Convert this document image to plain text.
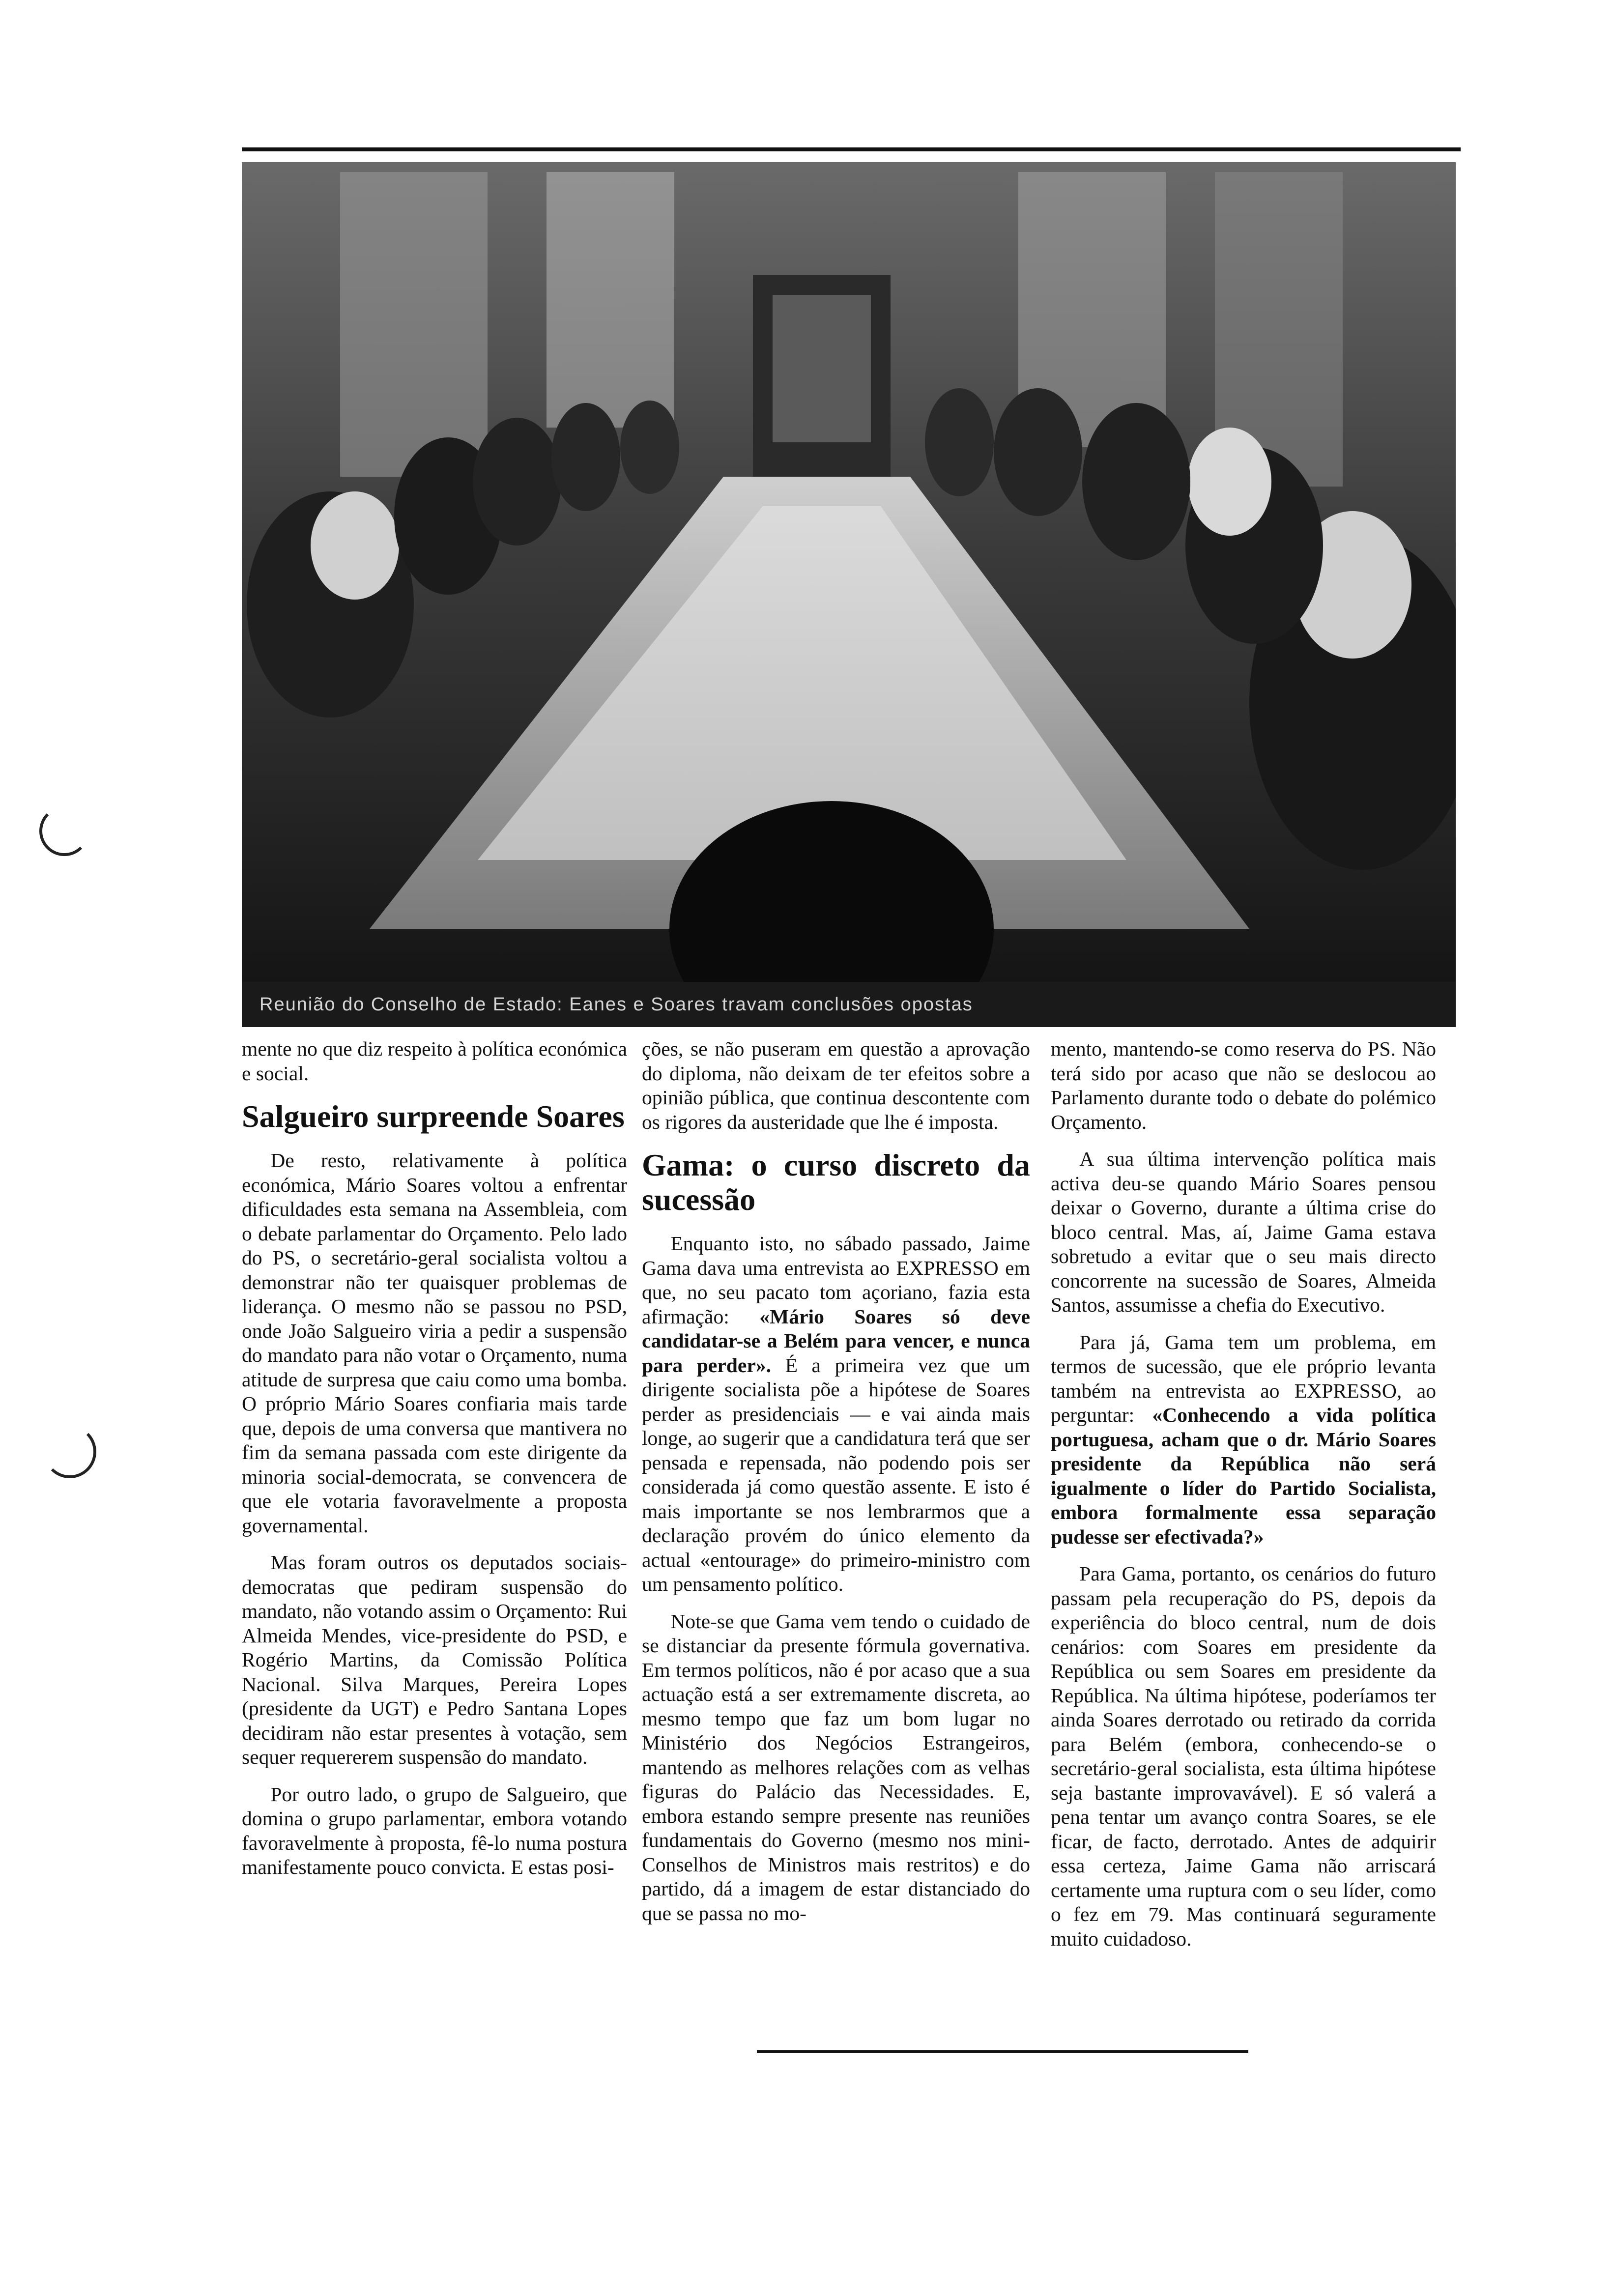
Reunião do Conselho de Estado: Eanes e Soares travam conclusões opostas

mente no que diz respeito à política económica e social.

Salgueiro surpreende Soares

De resto, relativamente à política económica, Mário Soares voltou a enfrentar dificuldades esta semana na Assembleia, com o debate parlamentar do Orçamento. Pelo lado do PS, o secretário-geral socialista voltou a demonstrar não ter quaisquer problemas de liderança. O mesmo não se passou no PSD, onde João Salgueiro viria a pedir a suspensão do mandato para não votar o Orçamento, numa atitude de surpresa que caiu como uma bomba. O próprio Mário Soares confiaria mais tarde que, depois de uma conversa que mantivera no fim da semana passada com este dirigente da minoria social-democrata, se convencera de que ele votaria favoravelmente a proposta governamental.

Mas foram outros os deputados sociais-democratas que pediram suspensão do mandato, não votando assim o Orçamento: Rui Almeida Mendes, vice-presidente do PSD, e Rogério Martins, da Comissão Política Nacional. Silva Marques, Pereira Lopes (presidente da UGT) e Pedro Santana Lopes decidiram não estar presentes à votação, sem sequer requererem suspensão do mandato.

Por outro lado, o grupo de Salgueiro, que domina o grupo parlamentar, embora votando favoravelmente à proposta, fê-lo numa postura manifestamente pouco convicta. E estas posi-

ções, se não puseram em questão a aprovação do diploma, não deixam de ter efeitos sobre a opinião pública, que continua descontente com os rigores da austeridade que lhe é imposta.

Gama: o curso discreto da sucessão

Enquanto isto, no sábado passado, Jaime Gama dava uma entrevista ao EXPRESSO em que, no seu pacato tom açoriano, fazia esta afirmação: «Mário Soares só deve candidatar-se a Belém para vencer, e nunca para perder». É a primeira vez que um dirigente socialista põe a hipótese de Soares perder as presidenciais — e vai ainda mais longe, ao sugerir que a candidatura terá que ser pensada e repensada, não podendo pois ser considerada já como questão assente. E isto é mais importante se nos lembrarmos que a declaração provém do único elemento da actual «entourage» do primeiro-ministro com um pensamento político.

Note-se que Gama vem tendo o cuidado de se distanciar da presente fórmula governativa. Em termos políticos, não é por acaso que a sua actuação está a ser extremamente discreta, ao mesmo tempo que faz um bom lugar no Ministério dos Negócios Estrangeiros, mantendo as melhores relações com as velhas figuras do Palácio das Necessidades. E, embora estando sempre presente nas reuniões fundamentais do Governo (mesmo nos mini-Conselhos de Ministros mais restritos) e do partido, dá a imagem de estar distanciado do que se passa no mo-

mento, mantendo-se como reserva do PS. Não terá sido por acaso que não se deslocou ao Parlamento durante todo o debate do polémico Orçamento.

A sua última intervenção política mais activa deu-se quando Mário Soares pensou deixar o Governo, durante a última crise do bloco central. Mas, aí, Jaime Gama estava sobretudo a evitar que o seu mais directo concorrente na sucessão de Soares, Almeida Santos, assumisse a chefia do Executivo.

Para já, Gama tem um problema, em termos de sucessão, que ele próprio levanta também na entrevista ao EXPRESSO, ao perguntar: «Conhecendo a vida política portuguesa, acham que o dr. Mário Soares presidente da República não será igualmente o líder do Partido Socialista, embora formalmente essa separação pudesse ser efectivada?»

Para Gama, portanto, os cenários do futuro passam pela recuperação do PS, depois da experiência do bloco central, num de dois cenários: com Soares em presidente da República ou sem Soares em presidente da República. Na última hipótese, poderíamos ter ainda Soares derrotado ou retirado da corrida para Belém (embora, conhecendo-se o secretário-geral socialista, esta última hipótese seja bastante improvavável). E só valerá a pena tentar um avanço contra Soares, se ele ficar, de facto, derrotado. Antes de adquirir essa certeza, Jaime Gama não arriscará certamente uma ruptura com o seu líder, como o fez em 79. Mas continuará seguramente muito cuidadoso.
